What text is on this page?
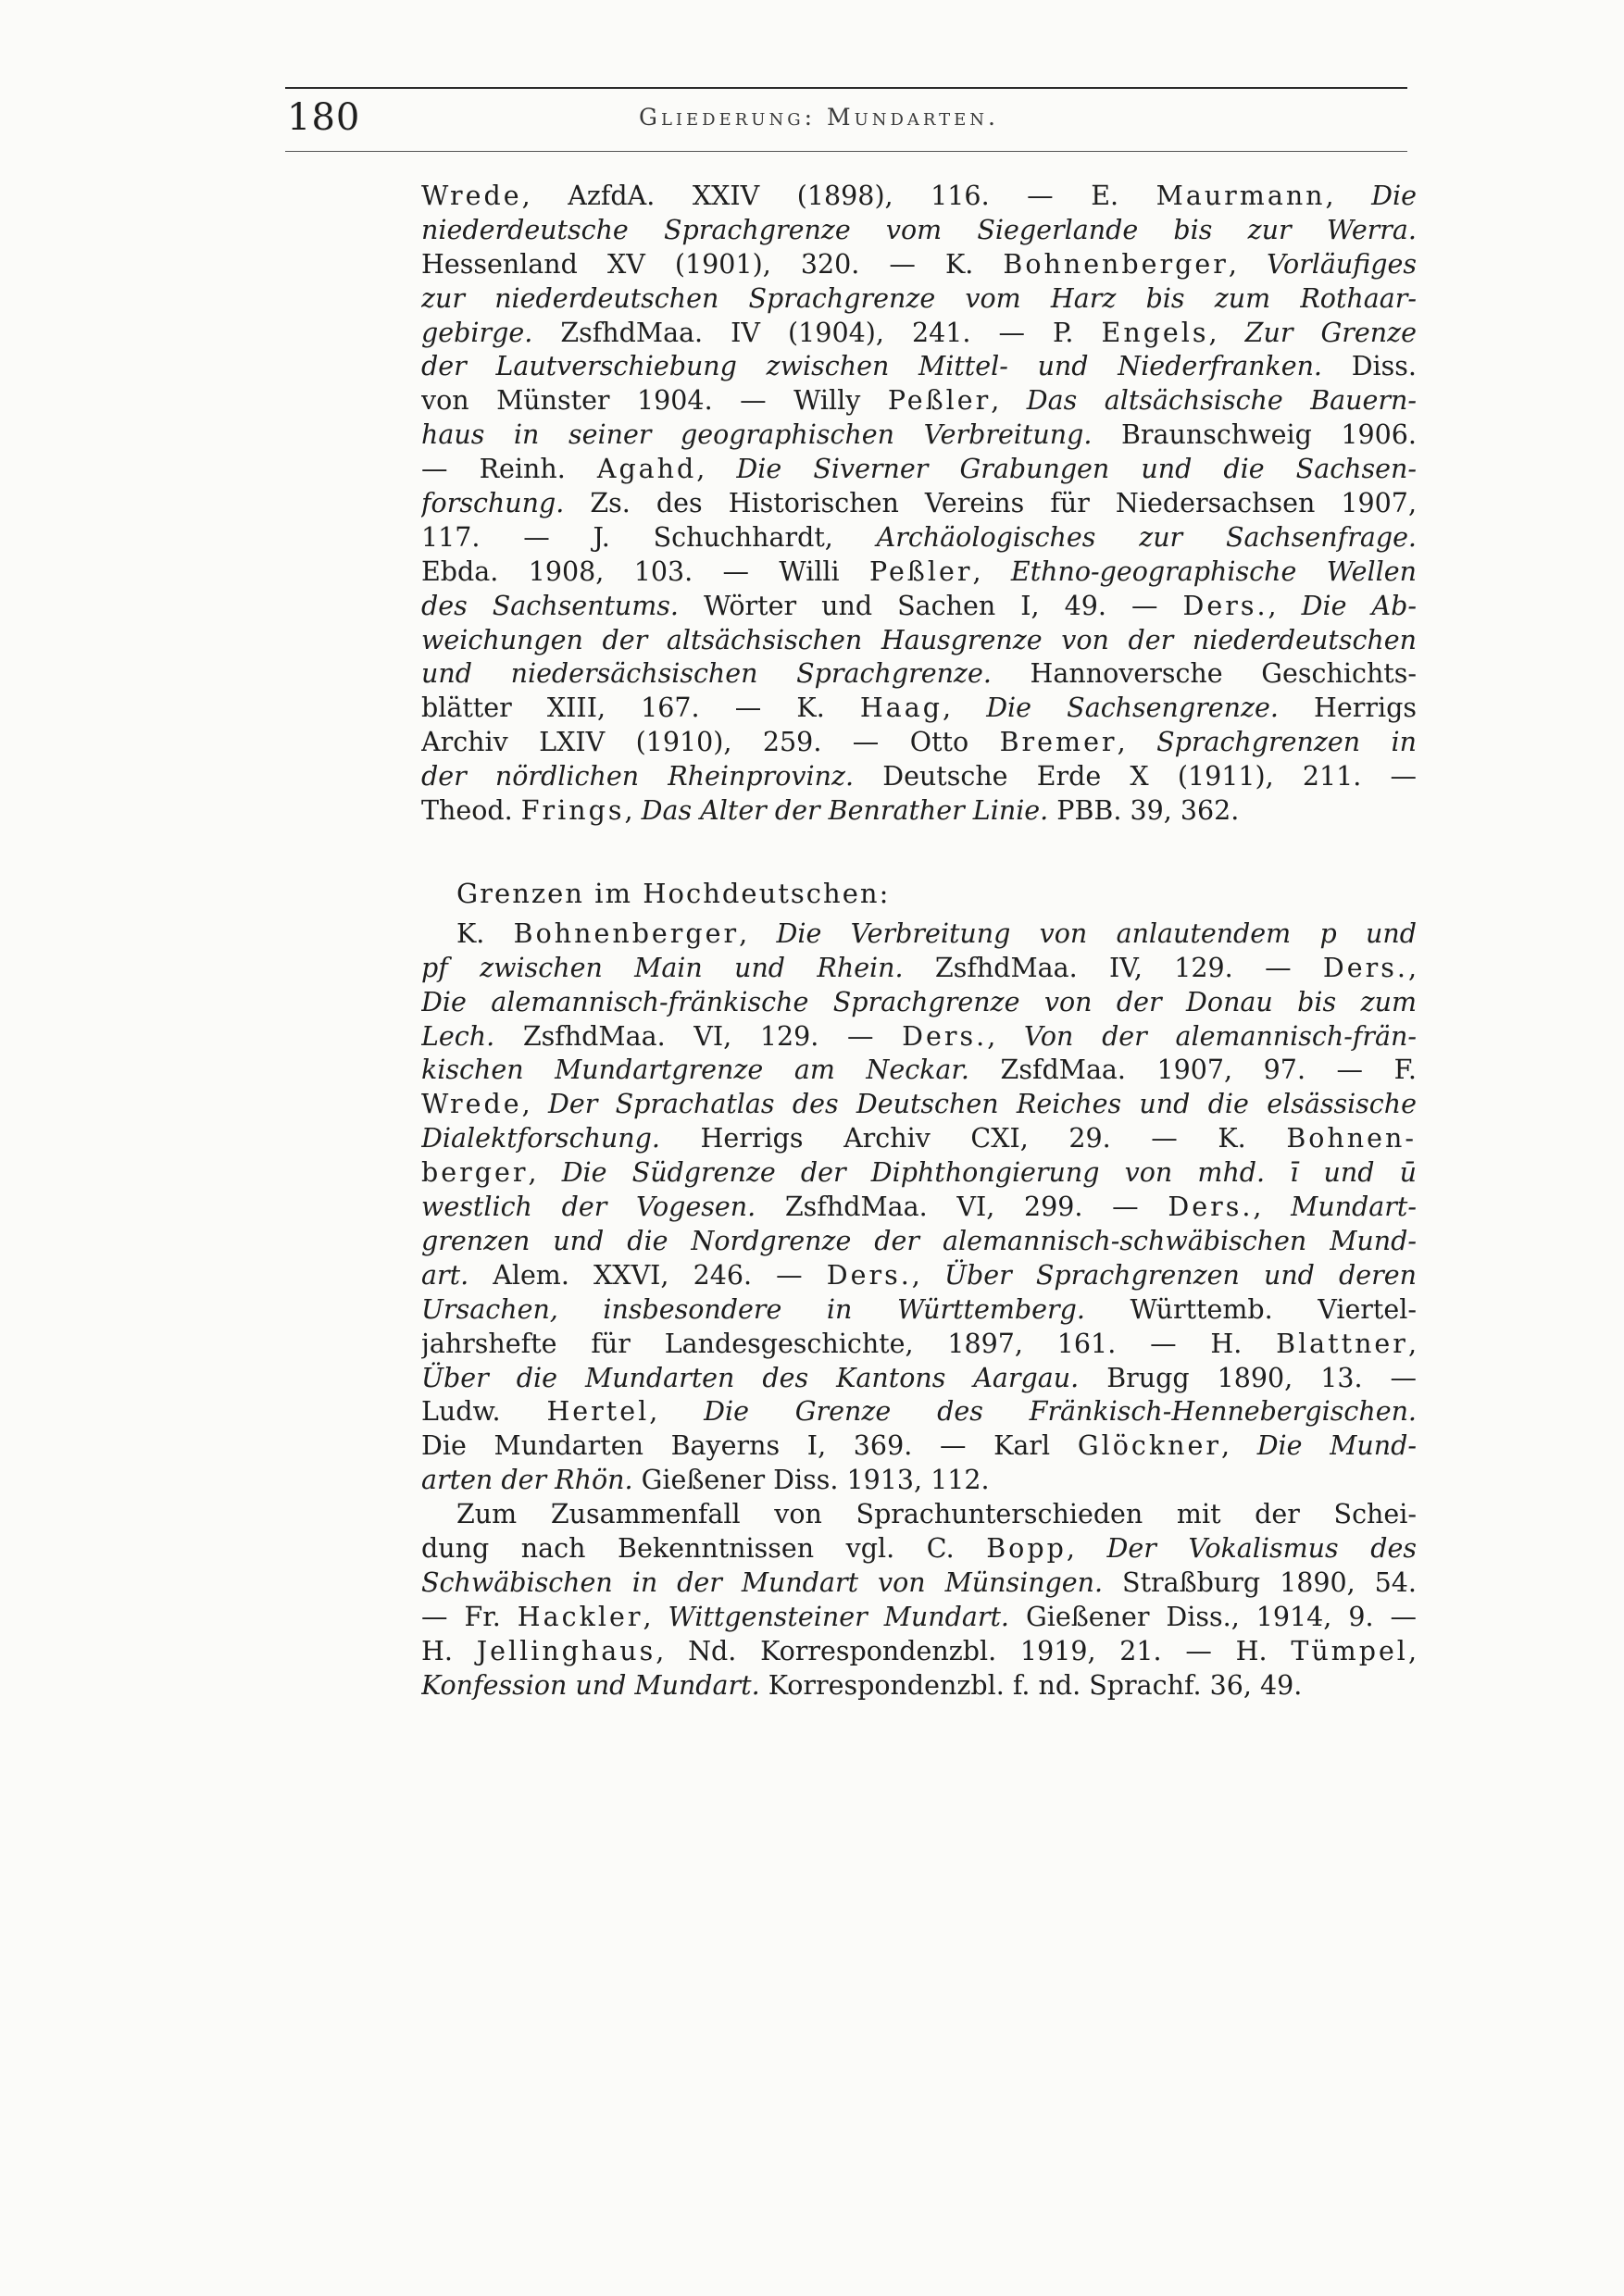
180	Gliederung: Mundarten.
Wrede, AzfdA. XXIV (1898), 116. — E. Maurmann, Die
niederdeutsche Sprachgrenze vom Siegerlande bis zur Werra.
Hessenland XV (1901), 320. — K. Bohnenberger, Vorläufiges
zur niederdeutschen Sprachgrenze vom Harz bis zum Rothaar-
gebirge. ZsfhdMaa. IV (1904), 241. — P. Engels, Zur Grenze
der Lautverschiebung zwischen Mittel- und Niederfranken. Diss.
von Münster 1904. — Willy Peßler, Das altsächsische Bauern-
haus in seiner geographischen Verbreitung. Braunschweig 1906.
— Reinh. Agahd, Die Siverner Grabungen und die Sachsen-
forschung. Zs. des Historischen Vereins für Niedersachsen 1907,
117. — J. Schuchhardt, Archäologisches zur Sachsenfrage.
Ebda. 1908, 103. — Willi Peßler, Ethno-geographische Wellen
des Sachsentums. Wörter und Sachen I, 49. — Ders., Die Ab-
weichungen der altsächsischen Hausgrenze von der niederdeutschen
und niedersächsischen Sprachgrenze. Hannoversche Geschichts-
blätter XIII, 167. — K. Haag, Die Sachsengrenze. Herrigs
Archiv LXIV (1910), 259. — Otto Bremer, Sprachgrenzen in
der nördlichen Rheinprovinz. Deutsche Erde X (1911), 211. —
Theod. Frings, Das Alter der Benrather Linie. PBB. 39, 362.
Grenzen im Hochdeutschen:
K. Bohnenberger, Die Verbreitung von anlautendem p und
pf zwischen Main und Rhein. ZsfhdMaa. IV, 129. — Ders.,
Die alemannisch-fränkische Sprachgrenze von der Donau bis zum
Lech. ZsfhdMaa. VI, 129. — Ders., Von der alemannisch-frän-
kischen Mundartgrenze am Neckar. ZsfdMaa. 1907, 97. — F.
Wrede, Der Sprachatlas des Deutschen Reiches und die elsässische
Dialektforschung. Herrigs Archiv CXI, 29. — K. Bohnen-
berger, Die Südgrenze der Diphthongierung von mhd. ī und ū
westlich der Vogesen. ZsfhdMaa. VI, 299. — Ders., Mundart-
grenzen und die Nordgrenze der alemannisch-schwäbischen Mund-
art. Alem. XXVI, 246. — Ders., Über Sprachgrenzen und deren
Ursachen, insbesondere in Württemberg. Württemb. Viertel-
jahrshefte für Landesgeschichte, 1897, 161. — H. Blattner,
Über die Mundarten des Kantons Aargau. Brugg 1890, 13. —
Ludw. Hertel, Die Grenze des Fränkisch-Hennebergischen.
Die Mundarten Bayerns I, 369. — Karl Glöckner, Die Mund-
arten der Rhön. Gießener Diss. 1913, 112.
Zum Zusammenfall von Sprachunterschieden mit der Schei-
dung nach Bekenntnissen vgl. C. Bopp, Der Vokalismus des
Schwäbischen in der Mundart von Münsingen. Straßburg 1890, 54.
— Fr. Hackler, Wittgensteiner Mundart. Gießener Diss., 1914, 9. —
H. Jellinghaus, Nd. Korrespondenzbl. 1919, 21. — H. Tümpel,
Konfession und Mundart. Korrespondenzbl. f. nd. Sprachf. 36, 49.
